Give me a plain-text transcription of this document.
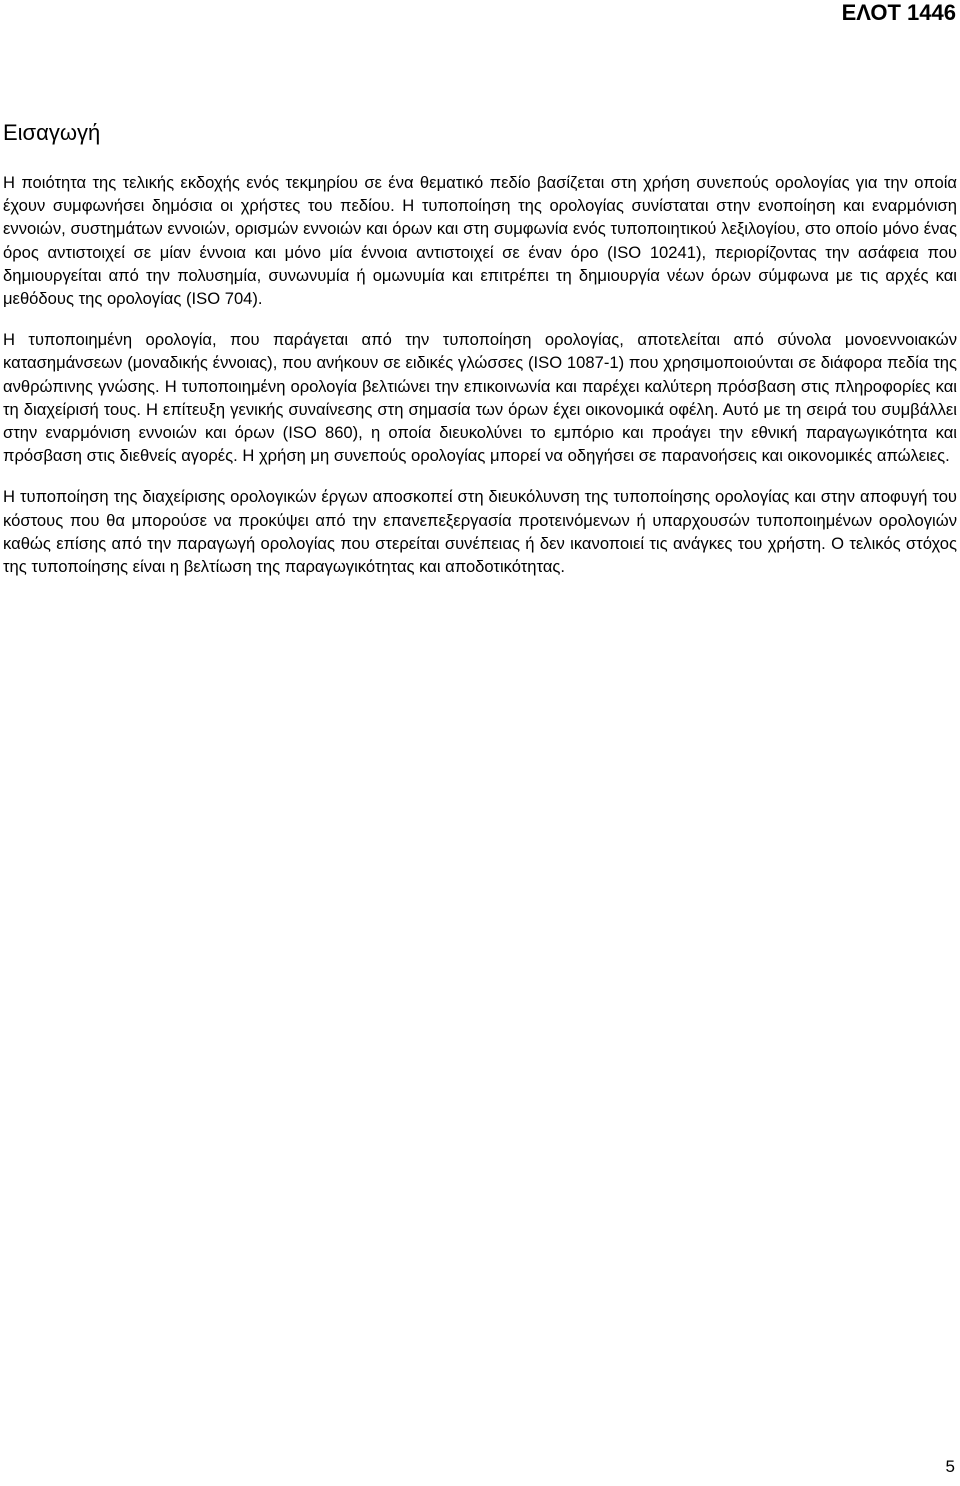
ΕΛΟΤ 1446
Εισαγωγή

Η ποιότητα της τελικής εκδοχής ενός τεκμηρίου σε ένα θεματικό πεδίο βασίζεται στη χρήση συνεπούς ορολογίας για την οποία έχουν συμφωνήσει δημόσια οι χρήστες του πεδίου. Η τυποποίηση της ορολογίας συνίσταται στην ενοποίηση και εναρμόνιση εννοιών, συστημάτων εννοιών, ορισμών εννοιών και όρων και στη συμφωνία ενός τυποποιητικού λεξιλογίου, στο οποίο μόνο ένας όρος αντιστοιχεί σε μίαν έννοια και μόνο μία έννοια αντιστοιχεί σε έναν όρο (ISO 10241), περιορίζοντας την ασάφεια που δημιουργείται από την πολυσημία, συνωνυμία ή ομωνυμία και επιτρέπει τη δημιουργία νέων όρων σύμφωνα με τις αρχές και μεθόδους της ορολογίας (ISO 704).

Η τυποποιημένη ορολογία, που παράγεται από την τυποποίηση ορολογίας, αποτελείται από σύνολα μονοεννοιακών κατασημάνσεων (μοναδικής έννοιας), που ανήκουν σε ειδικές γλώσσες (ISO 1087-1) που χρησιμοποιούνται σε διάφορα πεδία της ανθρώπινης γνώσης. Η τυποποιημένη ορολογία βελτιώνει την επικοινωνία και παρέχει καλύτερη πρόσβαση στις πληροφορίες και τη διαχείρισή τους. Η επίτευξη γενικής συναίνεσης στη σημασία των όρων έχει οικονομικά οφέλη. Αυτό με τη σειρά του συμβάλλει στην εναρμόνιση εννοιών και όρων (ISO 860), η οποία διευκολύνει το εμπόριο και προάγει την εθνική παραγωγικότητα και πρόσβαση στις διεθνείς αγορές. Η χρήση μη συνεπούς ορολογίας μπορεί να οδηγήσει σε παρανοήσεις και οικονομικές απώλειες.

Η τυποποίηση της διαχείρισης ορολογικών έργων αποσκοπεί στη διευκόλυνση της τυποποίησης ορολογίας και στην αποφυγή του κόστους που θα μπορούσε να προκύψει από την επανεπεξεργασία προτεινόμενων ή υπαρχουσών τυποποιημένων ορολογιών καθώς επίσης από την παραγωγή ορολογίας που στερείται συνέπειας ή δεν ικανοποιεί τις ανάγκες του χρήστη. Ο τελικός στόχος της τυποποίησης είναι η βελτίωση της παραγωγικότητας και αποδοτικότητας.

5
